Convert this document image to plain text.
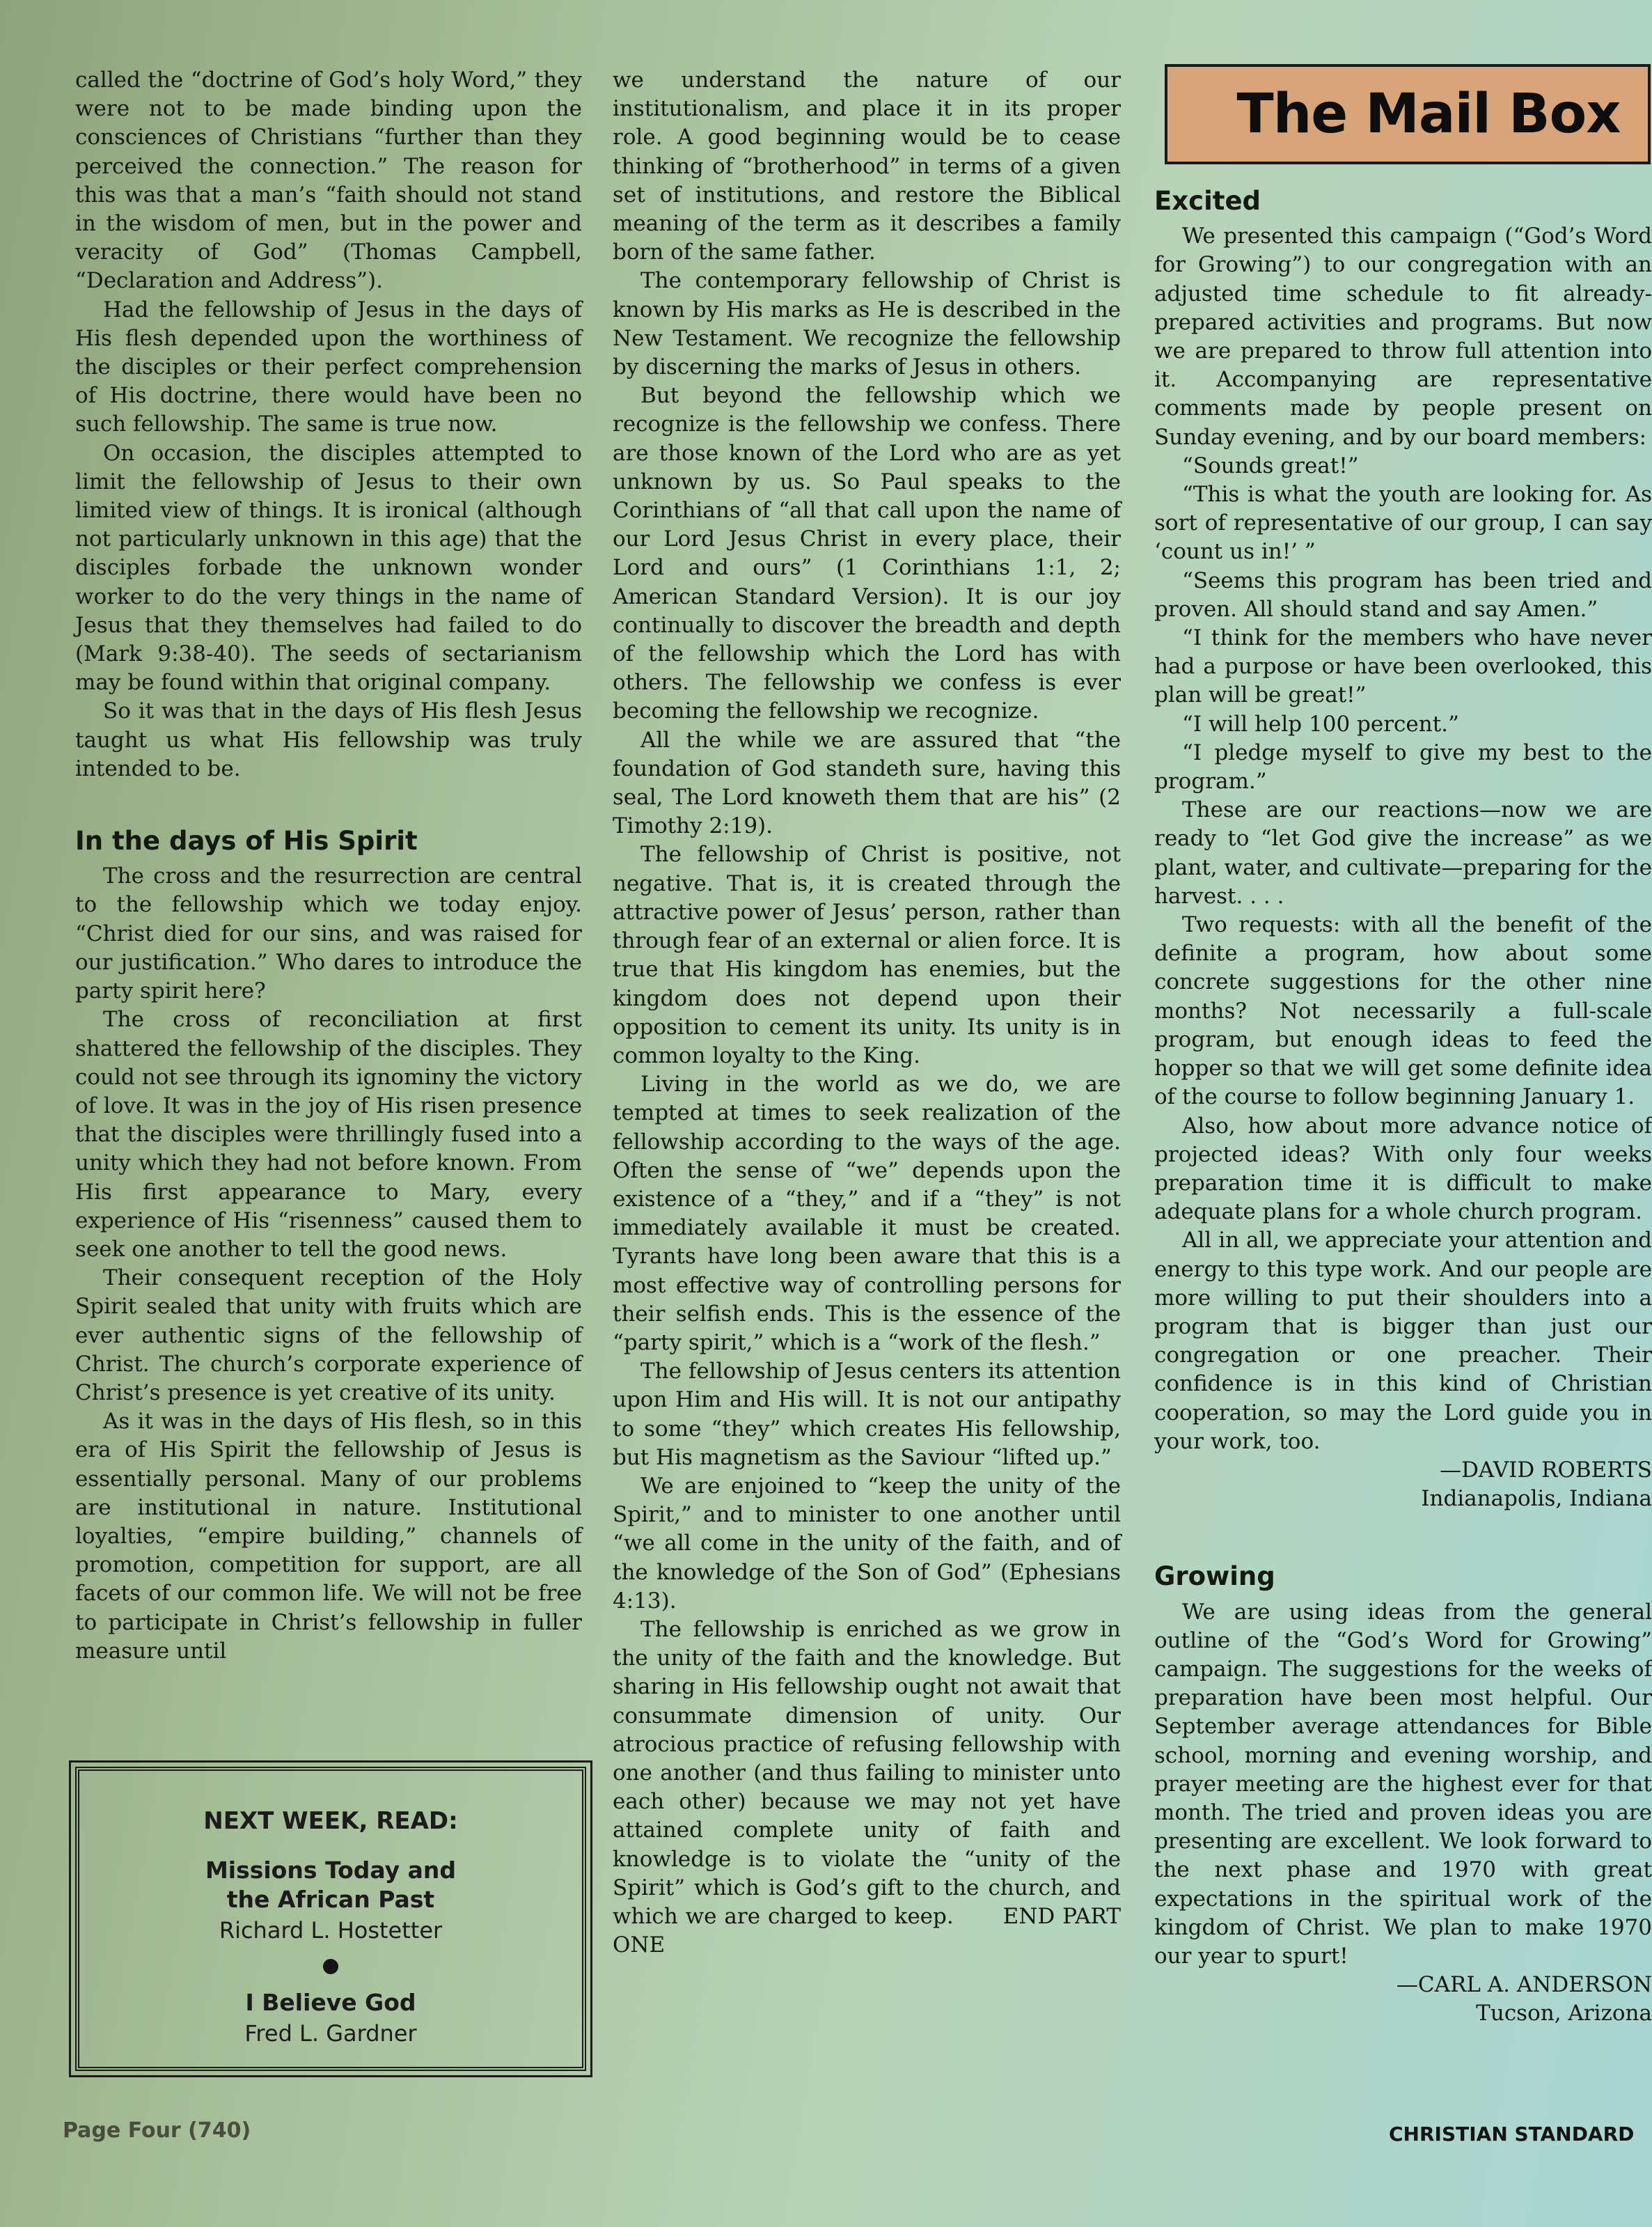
called the “doctrine of God’s holy Word,” they were not to be made binding upon the consciences of Christians “further than they perceived the connection.” The reason for this was that a man’s “faith should not stand in the wisdom of men, but in the power and veracity of God” (Thomas Campbell, “Declaration and Address”).

Had the fellowship of Jesus in the days of His flesh depended upon the worthiness of the disciples or their perfect comprehension of His doctrine, there would have been no such fellowship. The same is true now.

On occasion, the disciples attempted to limit the fellowship of Jesus to their own limited view of things. It is ironical (although not particularly unknown in this age) that the disciples forbade the unknown wonder worker to do the very things in the name of Jesus that they themselves had failed to do (Mark 9:38-40). The seeds of sectarianism may be found within that original company.

So it was that in the days of His flesh Jesus taught us what His fellowship was truly intended to be.

In the days of His Spirit

The cross and the resurrection are central to the fellowship which we today enjoy. “Christ died for our sins, and was raised for our justification.” Who dares to introduce the party spirit here?

The cross of reconciliation at first shattered the fellowship of the disciples. They could not see through its ignominy the victory of love. It was in the joy of His risen presence that the disciples were thrillingly fused into a unity which they had not before known. From His first appearance to Mary, every experience of His “risenness” caused them to seek one another to tell the good news.

Their consequent reception of the Holy Spirit sealed that unity with fruits which are ever authentic signs of the fellowship of Christ. The church’s corporate experience of Christ’s presence is yet creative of its unity.

As it was in the days of His flesh, so in this era of His Spirit the fellowship of Jesus is essentially personal. Many of our problems are institutional in nature. Institutional loyalties, “empire building,” channels of promotion, competition for support, are all facets of our common life. We will not be free to participate in Christ’s fellowship in fuller measure until

NEXT WEEK, READ:
Missions Today and the African Past
Richard L. Hostetter
I Believe God
Fred L. Gardner

we understand the nature of our institutionalism, and place it in its proper role. A good beginning would be to cease thinking of “brotherhood” in terms of a given set of institutions, and restore the Biblical meaning of the term as it describes a family born of the same father.

The contemporary fellowship of Christ is known by His marks as He is described in the New Testament. We recognize the fellowship by discerning the marks of Jesus in others.

But beyond the fellowship which we recognize is the fellowship we confess. There are those known of the Lord who are as yet unknown by us. So Paul speaks to the Corinthians of “all that call upon the name of our Lord Jesus Christ in every place, their Lord and ours” (1 Corinthians 1:1, 2; American Standard Version). It is our joy continually to discover the breadth and depth of the fellowship which the Lord has with others. The fellowship we confess is ever becoming the fellowship we recognize.

All the while we are assured that “the foundation of God standeth sure, having this seal, The Lord knoweth them that are his” (2 Timothy 2:19).

The fellowship of Christ is positive, not negative. That is, it is created through the attractive power of Jesus’ person, rather than through fear of an external or alien force. It is true that His kingdom has enemies, but the kingdom does not depend upon their opposition to cement its unity. Its unity is in common loyalty to the King.

Living in the world as we do, we are tempted at times to seek realization of the fellowship according to the ways of the age. Often the sense of “we” depends upon the existence of a “they,” and if a “they” is not immediately available it must be created. Tyrants have long been aware that this is a most effective way of controlling persons for their selfish ends. This is the essence of the “party spirit,” which is a “work of the flesh.”

The fellowship of Jesus centers its attention upon Him and His will. It is not our antipathy to some “they” which creates His fellowship, but His magnetism as the Saviour “lifted up.”

We are enjoined to “keep the unity of the Spirit,” and to minister to one another until “we all come in the unity of the faith, and of the knowledge of the Son of God” (Ephesians 4:13).

The fellowship is enriched as we grow in the unity of the faith and the knowledge. But sharing in His fellowship ought not await that consummate dimension of unity. Our atrocious practice of refusing fellowship with one another (and thus failing to minister unto each other) because we may not yet have attained complete unity of faith and knowledge is to violate the “unity of the Spirit” which is God’s gift to the church, and which we are charged to keep. END PART ONE

The Mail Box

Excited

We presented this campaign (“God’s Word for Growing”) to our congregation with an adjusted time schedule to fit already-prepared activities and programs. But now we are prepared to throw full attention into it. Accompanying are representative comments made by people present on Sunday evening, and by our board members:

“Sounds great!”

“This is what the youth are looking for. As sort of representative of our group, I can say ‘count us in!’ ”

“Seems this program has been tried and proven. All should stand and say Amen.”

“I think for the members who have never had a purpose or have been overlooked, this plan will be great!”

“I will help 100 percent.”

“I pledge myself to give my best to the program.”

These are our reactions—now we are ready to “let God give the increase” as we plant, water, and cultivate—preparing for the harvest. . . .

Two requests: with all the benefit of the definite a program, how about some concrete suggestions for the other nine months? Not necessarily a full-scale program, but enough ideas to feed the hopper so that we will get some definite idea of the course to follow beginning January 1.

Also, how about more advance notice of projected ideas? With only four weeks preparation time it is difficult to make adequate plans for a whole church program.

All in all, we appreciate your attention and energy to this type work. And our people are more willing to put their shoulders into a program that is bigger than just our congregation or one preacher. Their confidence is in this kind of Christian cooperation, so may the Lord guide you in your work, too.

—DAVID ROBERTS

Indianapolis, Indiana

Growing

We are using ideas from the general outline of the “God’s Word for Growing” campaign. The suggestions for the weeks of preparation have been most helpful. Our September average attendances for Bible school, morning and evening worship, and prayer meeting are the highest ever for that month. The tried and proven ideas you are presenting are excellent. We look forward to the next phase and 1970 with great expectations in the spiritual work of the kingdom of Christ. We plan to make 1970 our year to spurt!

—CARL A. ANDERSON

Tucson, Arizona

Page Four (740)	CHRISTIAN STANDARD
